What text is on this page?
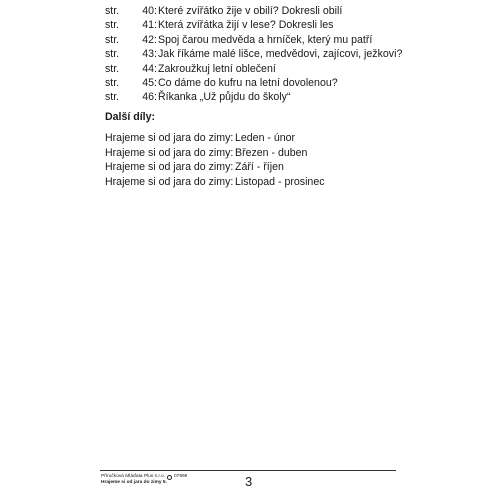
str.	40: Které zvířátko žije v obilí? Dokresli obilí
str.	41: Která zvířátka žijí v lese? Dokresli les
str.	42: Spoj čarou medvěda a hrníček, který mu patří
str.	43: Jak říkáme malé lišce, medvědovi, zajícovi, ježkovi?
str.	44: Zakroužkuj letní oblečení
str.	45: Co dáme do kufru na letní dovolenou?
str.	46: Říkanka „Už půjdu do školy“
Další díly:
Hrajeme si od jara do zimy: Leden - únor
Hrajeme si od jara do zimy: Březen - duben
Hrajeme si od jara do zimy: Září - říjen
Hrajeme si od jara do zimy: Listopad - prosinec
Příručková Mláďata Plus s.r.o. 07998
Hrajeme si od jara do zimy 5.	3
